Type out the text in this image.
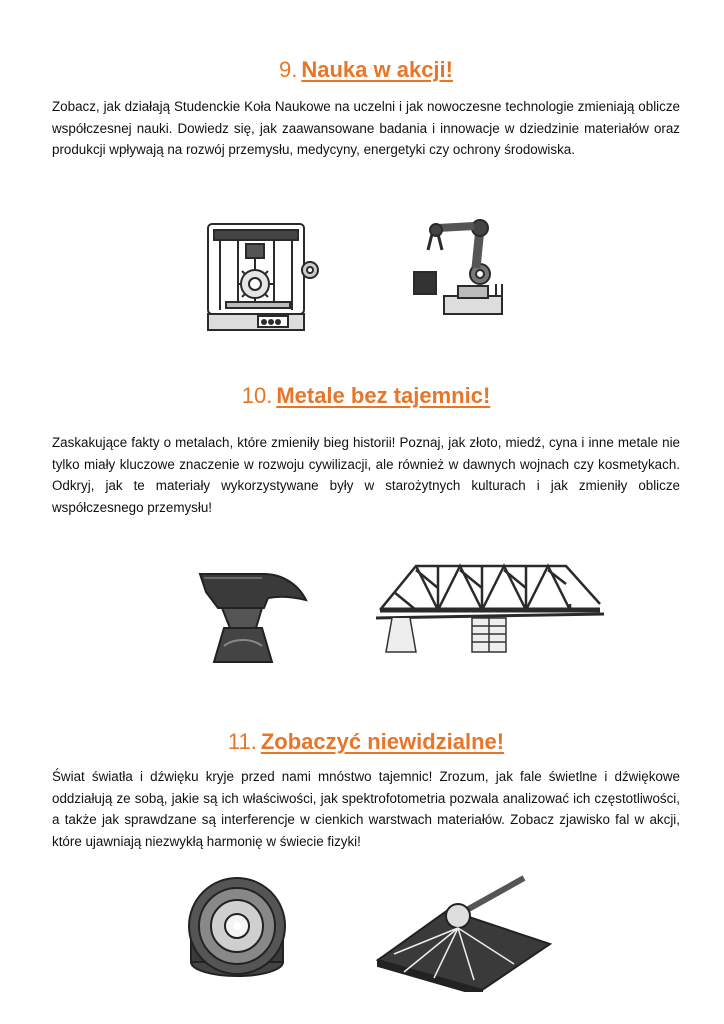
9. Nauka w akcji!

Zobacz, jak działają Studenckie Koła Naukowe na uczelni i jak nowoczesne technologie zmieniają oblicze współczesnej nauki. Dowiedz się, jak zaawansowane badania i innowacje w dziedzinie materiałów oraz produkcji wpływają na rozwój przemysłu, medycyny, energetyki czy ochrony środowiska.

10. Metale bez tajemnic!

Zaskakujące fakty o metalach, które zmieniły bieg historii! Poznaj, jak złoto, miedź, cyna i inne metale nie tylko miały kluczowe znaczenie w rozwoju cywilizacji, ale również w dawnych wojnach czy kosmetykach. Odkryj, jak te materiały wykorzystywane były w starożytnych kulturach i jak zmieniły oblicze współczesnego przemysłu!

11. Zobaczyć niewidzialne!

Świat światła i dźwięku kryje przed nami mnóstwo tajemnic! Zrozum, jak fale świetlne i dźwiękowe oddziałują ze sobą, jakie są ich właściwości, jak spektrofotometria pozwala analizować ich częstotliwości, a także jak sprawdzane są interferencje w cienkich warstwach materiałów. Zobacz zjawisko fal w akcji, które ujawniają niezwykłą harmonię w świecie fizyki!
